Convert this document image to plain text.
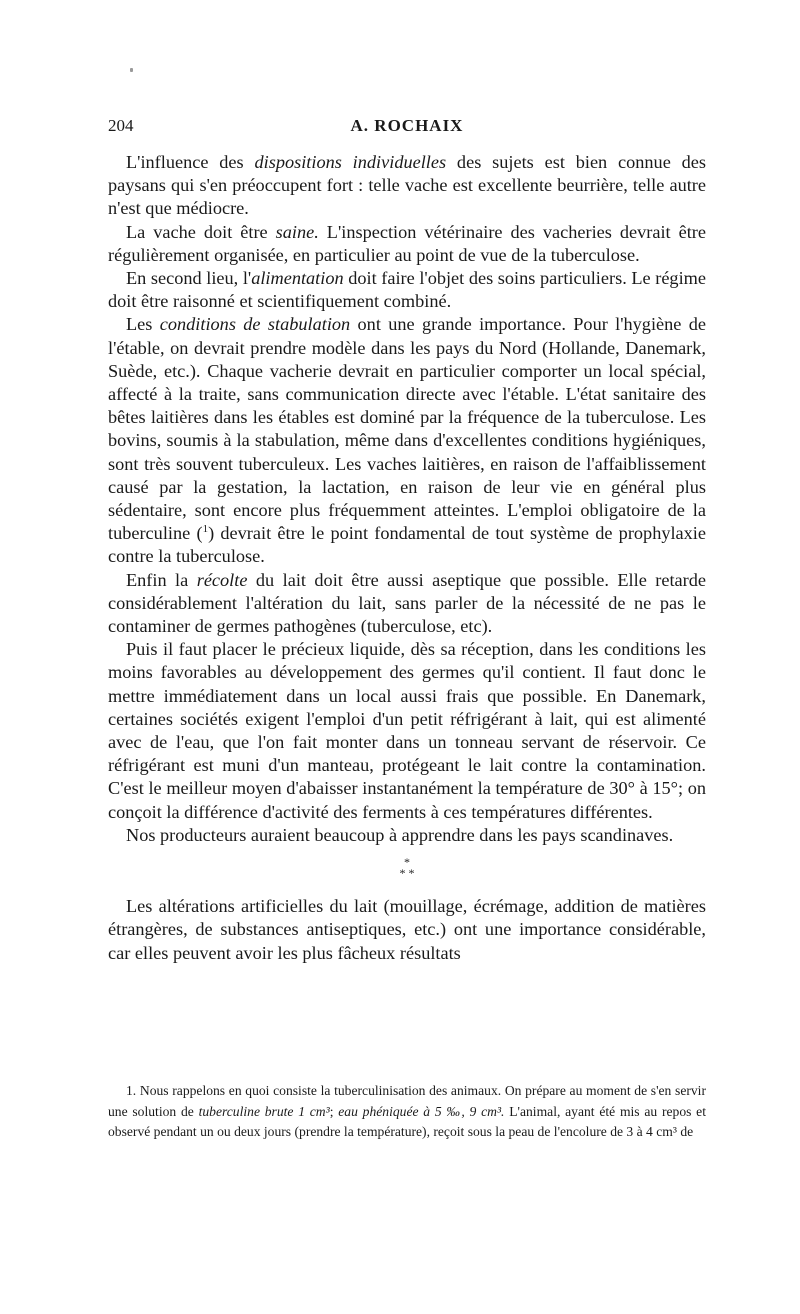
204	A. ROCHAIX

L'influence des dispositions individuelles des sujets est bien connue des paysans qui s'en préoccupent fort : telle vache est excellente beurrière, telle autre n'est que médiocre.

La vache doit être saine. L'inspection vétérinaire des vacheries devrait être régulièrement organisée, en particulier au point de vue de la tuberculose.

En second lieu, l'alimentation doit faire l'objet des soins particuliers. Le régime doit être raisonné et scientifiquement combiné.

Les conditions de stabulation ont une grande importance. Pour l'hygiène de l'étable, on devrait prendre modèle dans les pays du Nord (Hollande, Danemark, Suède, etc.). Chaque vacherie devrait en particulier comporter un local spécial, affecté à la traite, sans communication directe avec l'étable. L'état sanitaire des bêtes laitières dans les étables est dominé par la fréquence de la tuberculose. Les bovins, soumis à la stabulation, même dans d'excellentes conditions hygiéniques, sont très souvent tuberculeux. Les vaches laitières, en raison de l'affaiblissement causé par la gestation, la lactation, en raison de leur vie en général plus sédentaire, sont encore plus fréquemment atteintes. L'emploi obligatoire de la tuberculine ($^1$) devrait être le point fondamental de tout système de prophylaxie contre la tuberculose.

Enfin la récolte du lait doit être aussi aseptique que possible. Elle retarde considérablement l'altération du lait, sans parler de la nécessité de ne pas le contaminer de germes pathogènes (tuberculose, etc).

Puis il faut placer le précieux liquide, dès sa réception, dans les conditions les moins favorables au développement des germes qu'il contient. Il faut donc le mettre immédiatement dans un local aussi frais que possible. En Danemark, certaines sociétés exigent l'emploi d'un petit réfrigérant à lait, qui est alimenté avec de l'eau, que l'on fait monter dans un tonneau servant de réservoir. Ce réfrigérant est muni d'un manteau, protégeant le lait contre la contamination. C'est le meilleur moyen d'abaisser instantanément la température de 30° à 15°; on conçoit la différence d'activité des ferments à ces températures différentes.

Nos producteurs auraient beaucoup à apprendre dans les pays scandinaves.

*
* *

Les altérations artificielles du lait (mouillage, écrémage, addition de matières étrangères, de substances antiseptiques, etc.) ont une importance considérable, car elles peuvent avoir les plus fâcheux résultats

1. Nous rappelons en quoi consiste la tuberculinisation des animaux. On prépare au moment de s'en servir une solution de tuberculine brute 1 cm³; eau phéniquée à 5 ‰, 9 cm³. L'animal, ayant été mis au repos et observé pendant un ou deux jours (prendre la température), reçoit sous la peau de l'encolure de 3 à 4 cm³ de
